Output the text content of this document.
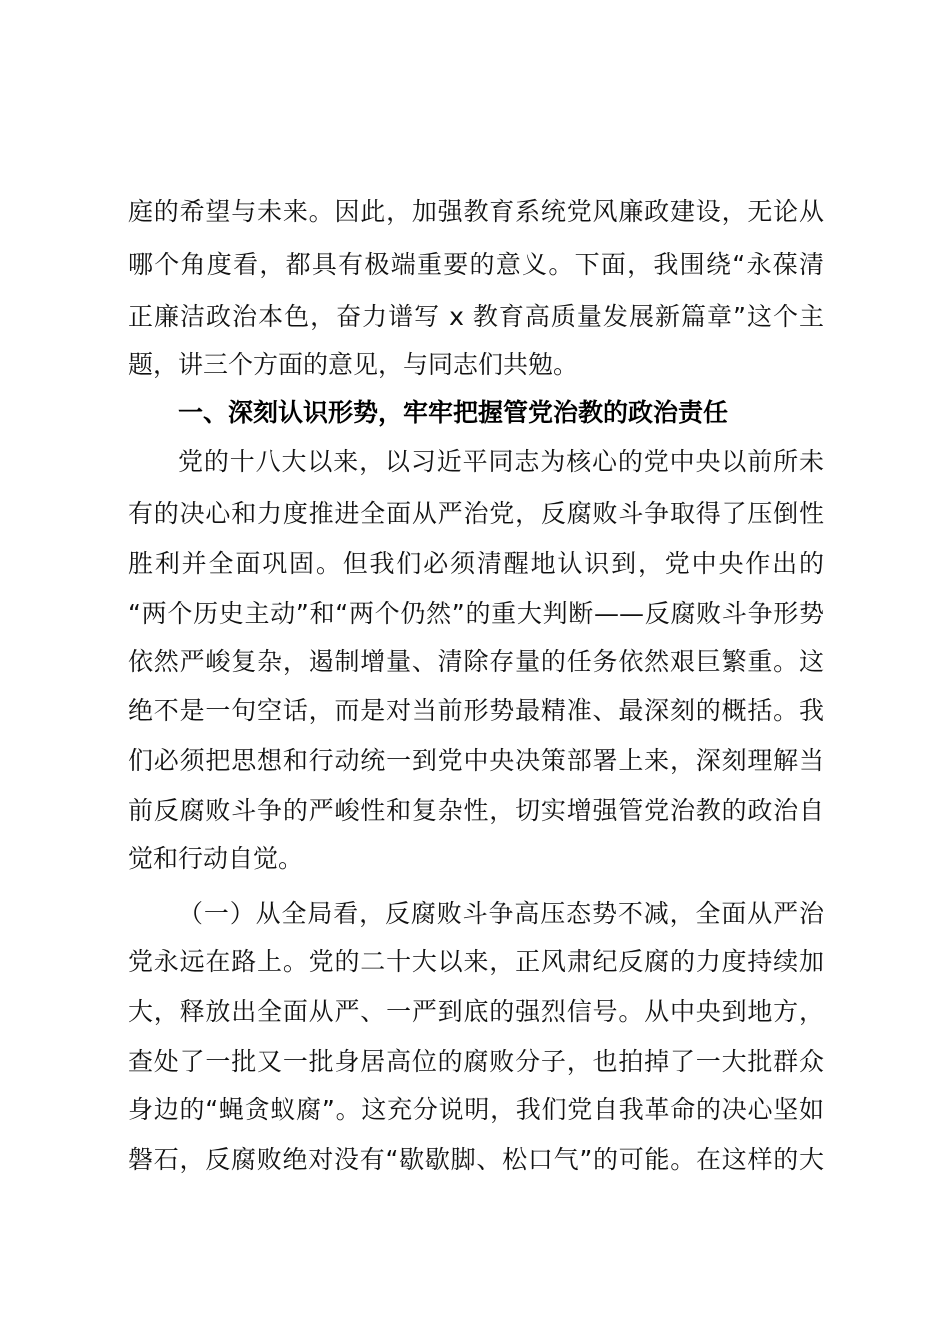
庭的希望与未来。因此，加强教育系统党风廉政建设，无论从
哪个角度看，都具有极端重要的意义。下面，我围绕“永葆清
正廉洁政治本色，奋力谱写 x 教育高质量发展新篇章”这个主
题，讲三个方面的意见，与同志们共勉。
一、深刻认识形势，牢牢把握管党治教的政治责任
党的十八大以来，以习近平同志为核心的党中央以前所未
有的决心和力度推进全面从严治党，反腐败斗争取得了压倒性
胜利并全面巩固。但我们必须清醒地认识到，党中央作出的
“两个历史主动”和“两个仍然”的重大判断——反腐败斗争形势
依然严峻复杂，遏制增量、清除存量的任务依然艰巨繁重。这
绝不是一句空话，而是对当前形势最精准、最深刻的概括。我
们必须把思想和行动统一到党中央决策部署上来，深刻理解当
前反腐败斗争的严峻性和复杂性，切实增强管党治教的政治自
觉和行动自觉。
（一）从全局看，反腐败斗争高压态势不减，全面从严治
党永远在路上。党的二十大以来，正风肃纪反腐的力度持续加
大，释放出全面从严、一严到底的强烈信号。从中央到地方，
查处了一批又一批身居高位的腐败分子，也拍掉了一大批群众
身边的“蝇贪蚁腐”。这充分说明，我们党自我革命的决心坚如
磐石，反腐败绝对没有“歇歇脚、松口气”的可能。在这样的大
